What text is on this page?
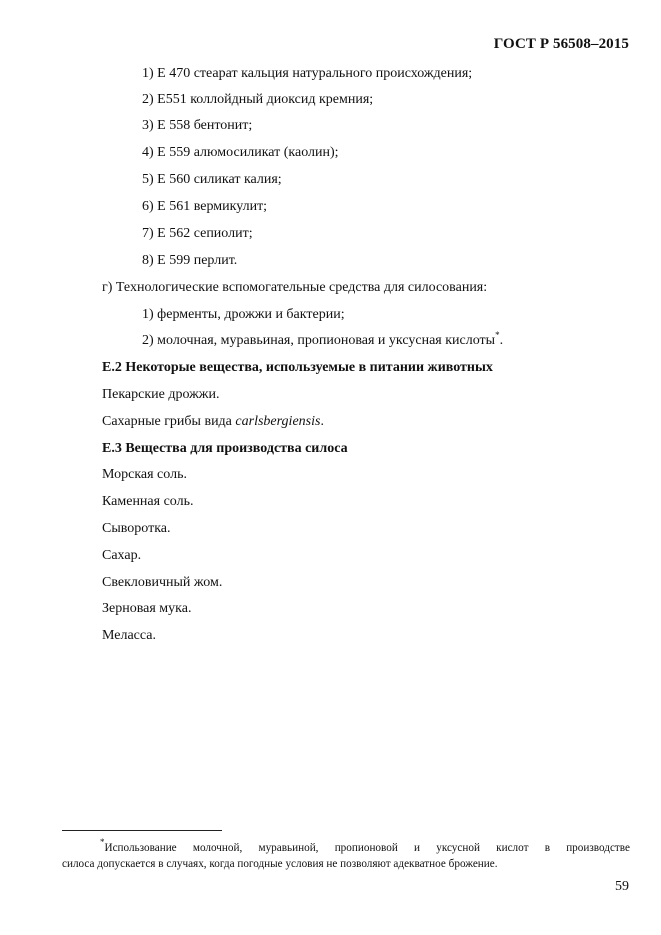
ГОСТ Р 56508–2015
1) Е 470 стеарат кальция натурального происхождения;
2) Е551 коллойдный диоксид кремния;
3) Е 558 бентонит;
4) Е 559 алюмосиликат (каолин);
5) Е 560 силикат калия;
6) Е 561 вермикулит;
7) Е 562 сепиолит;
8) Е 599 перлит.
г) Технологические вспомогательные средства для силосования:
1) ферменты, дрожжи и бактерии;
2) молочная, муравьиная, пропионовая и уксусная кислоты*.
Е.2 Некоторые вещества, используемые в питании животных
Пекарские дрожжи.
Сахарные грибы вида carlsbergiensis.
Е.3 Вещества для производства силоса
Морская соль.
Каменная соль.
Сыворотка.
Сахар.
Свекловичный жом.
Зерновая мука.
Меласса.
*Использование молочной, муравьиной, пропионовой и уксусной кислот в производстве
силоса допускается в случаях, когда погодные условия не позволяют адекватное брожение.
59
